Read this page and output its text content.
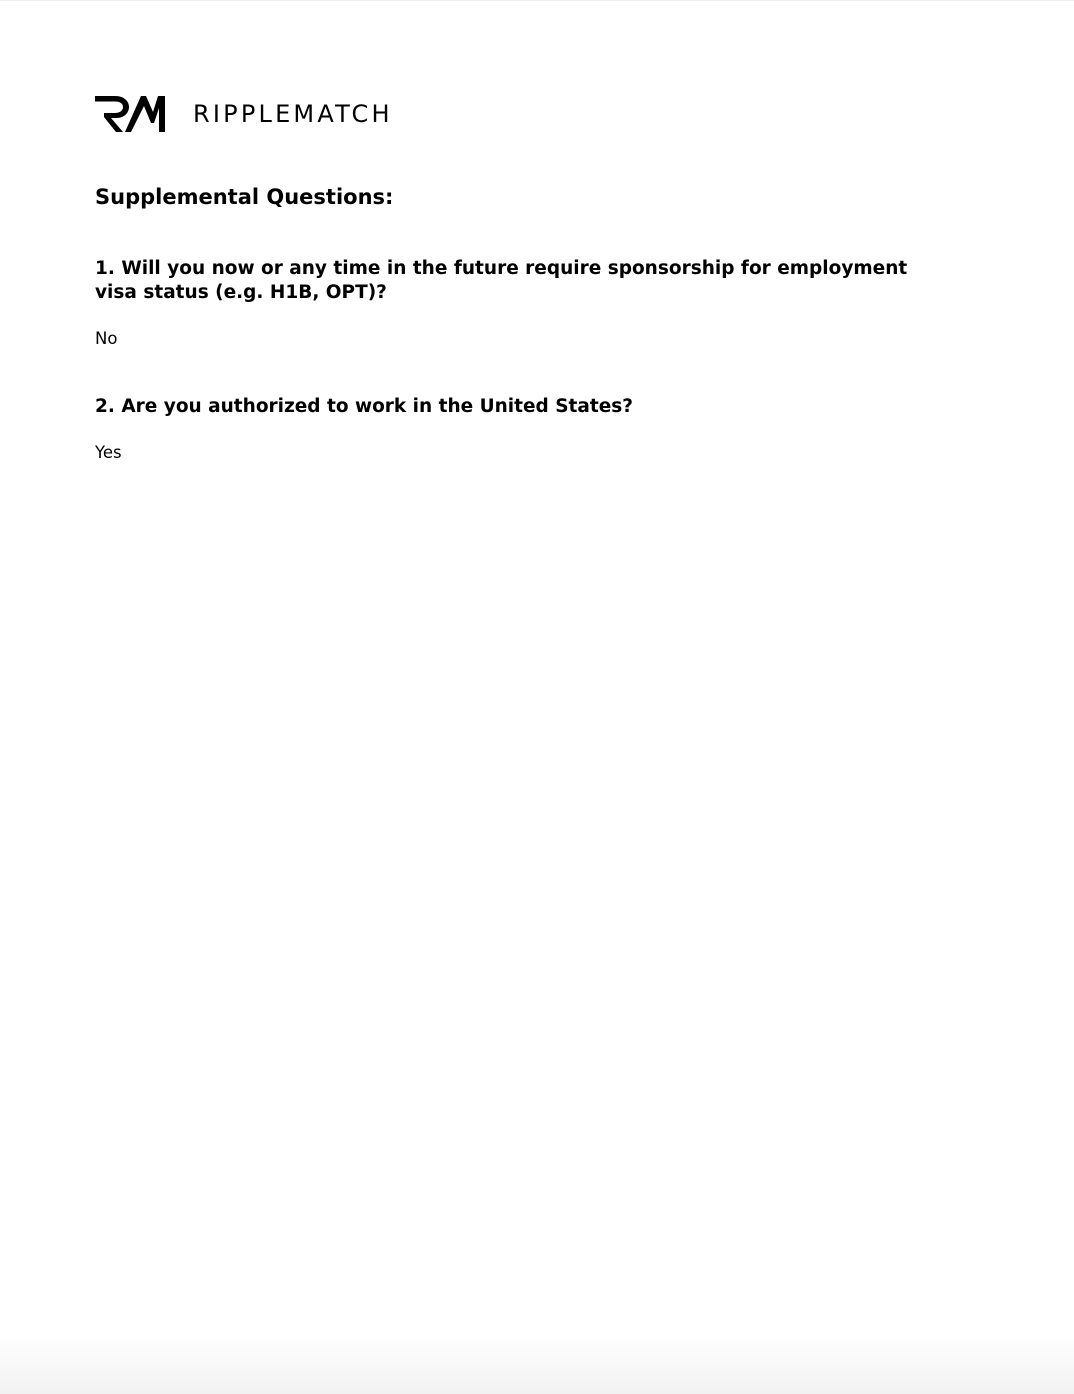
RIPPLEMATCH
Supplemental Questions:

1. Will you now or any time in the future require sponsorship for employment visa status (e.g. H1B, OPT)?

No

2. Are you authorized to work in the United States?

Yes
